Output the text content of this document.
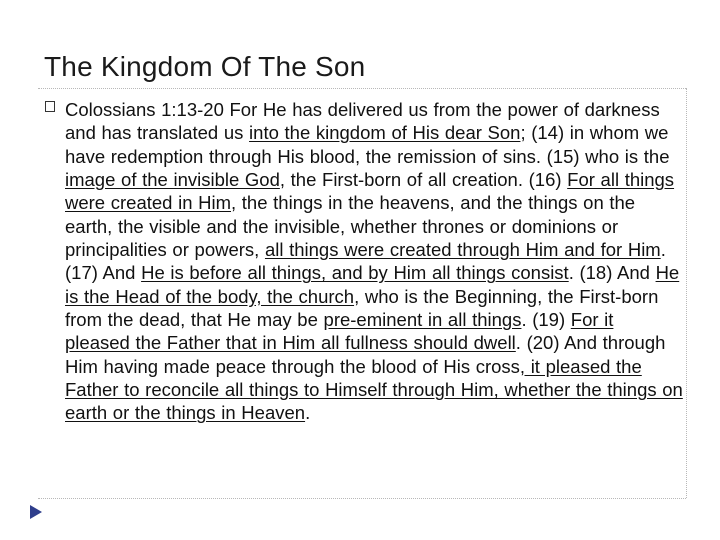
The Kingdom Of The Son
Colossians 1:13-20 For He has delivered us from the power of darkness and has translated us into the kingdom of His dear Son; (14) in whom we have redemption through His blood, the remission of sins. (15) who is the image of the invisible God, the First-born of all creation. (16) For all things were created in Him, the things in the heavens, and the things on the earth, the visible and the invisible, whether thrones or dominions or principalities or powers, all things were created through Him and for Him. (17) And He is before all things, and by Him all things consist. (18) And He is the Head of the body, the church, who is the Beginning, the First-born from the dead, that He may be pre-eminent in all things. (19) For it pleased the Father that in Him all fullness should dwell. (20) And through Him having made peace through the blood of His cross, it pleased the Father to reconcile all things to Himself through Him, whether the things on earth or the things in Heaven.
